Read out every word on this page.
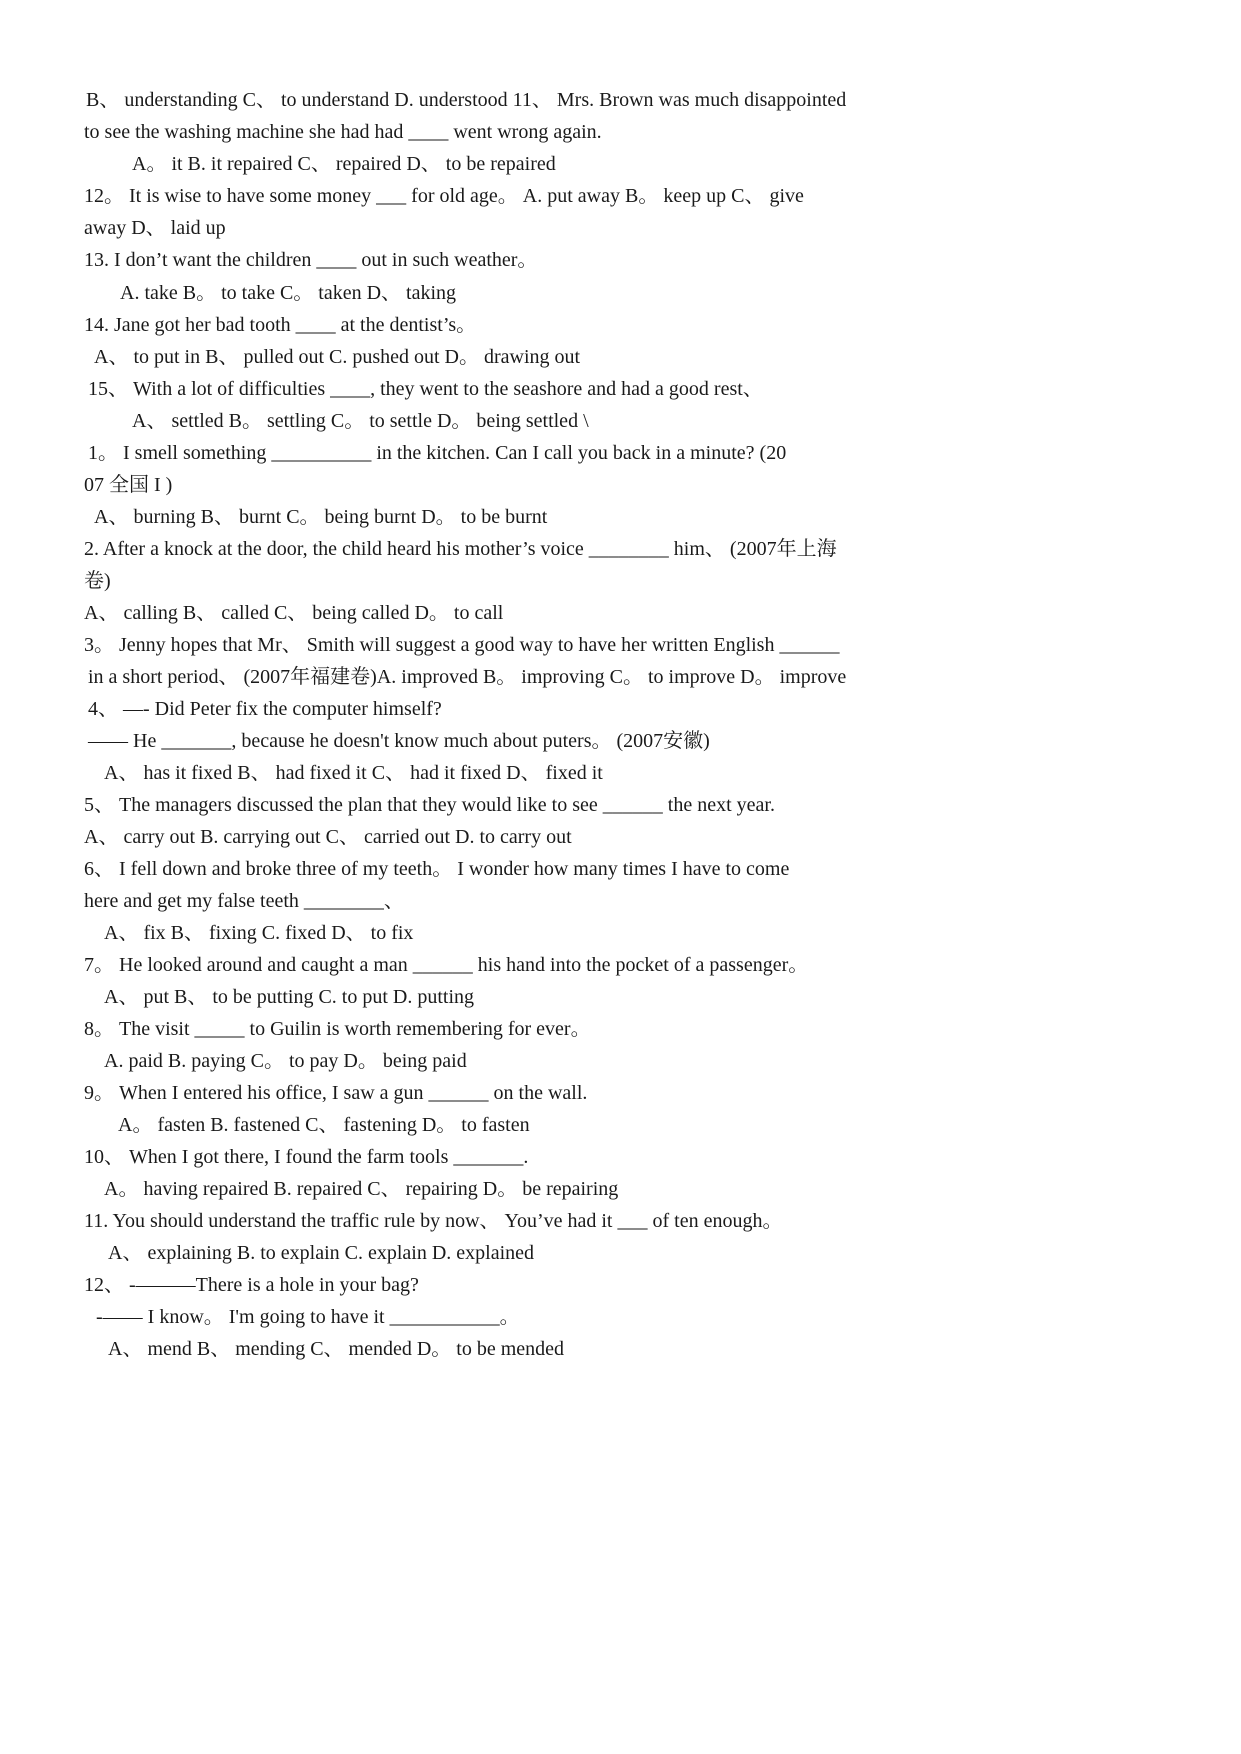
B、 understanding C、 to understand D. understood 11、 Mrs. Brown was much disappointed

to see the washing machine she had had ____ went wrong again.

A。 it B. it repaired C、 repaired D、 to be repaired

12。 It is wise to have some money ___ for old age。 A. put away B。 keep up C、 give

away D、 laid up

13. I don’t want the children ____ out in such weather。

A. take B。 to take C。 taken D、 taking

14. Jane got her bad tooth ____ at the dentist’s。

A、 to put in B、 pulled out C. pushed out D。 drawing out

15、 With a lot of difficulties ____, they went to the seashore and had a good rest、

A、 settled B。 settling C。 to settle D。 being settled \

1。 I smell something __________ in the kitchen. Can I call you back in a minute? (20

07 全国 I )

A、 burning B、 burnt C。 being burnt D。 to be burnt

2. After a knock at the door, the child heard his mother’s voice ________ him、 (2007年上海

卷)

A、 calling B、 called C、 being called D。 to call

3。 Jenny hopes that Mr、 Smith will suggest a good way to have her written English ______

in a short period、 (2007年福建卷)A. improved B。 improving C。 to improve D。 improve

4、 —- Did Peter fix the computer himself?

—— He _______, because he doesn't know much about puters。 (2007安徽)

A、 has it fixed B、 had fixed it C、 had it fixed D、 fixed it

5、 The managers discussed the plan that they would like to see ______ the next year.

A、 carry out B. carrying out C、 carried out D. to carry out

6、 I fell down and broke three of my teeth。 I wonder how many times I have to come

here and get my false teeth ________、

A、 fix B、 fixing C. fixed D、 to fix

7。 He looked around and caught a man ______ his hand into the pocket of a passenger。

A、 put B、 to be putting C. to put D. putting

8。 The visit _____ to Guilin is worth remembering for ever。

A. paid B. paying C。 to pay D。 being paid

9。 When I entered his office, I saw a gun ______ on the wall.

A。 fasten B. fastened C、 fastening D。 to fasten

10、 When I got there, I found the farm tools _______.

A。 having repaired B. repaired C、 repairing D。 be repairing

11. You should understand the traffic rule by now、 You’ve had it ___ of ten enough。

A、 explaining B. to explain C. explain D. explained

12、 -———There is a hole in your bag?

-—— I know。 I'm going to have it ___________。

A、 mend B、 mending C、 mended D。 to be mended
